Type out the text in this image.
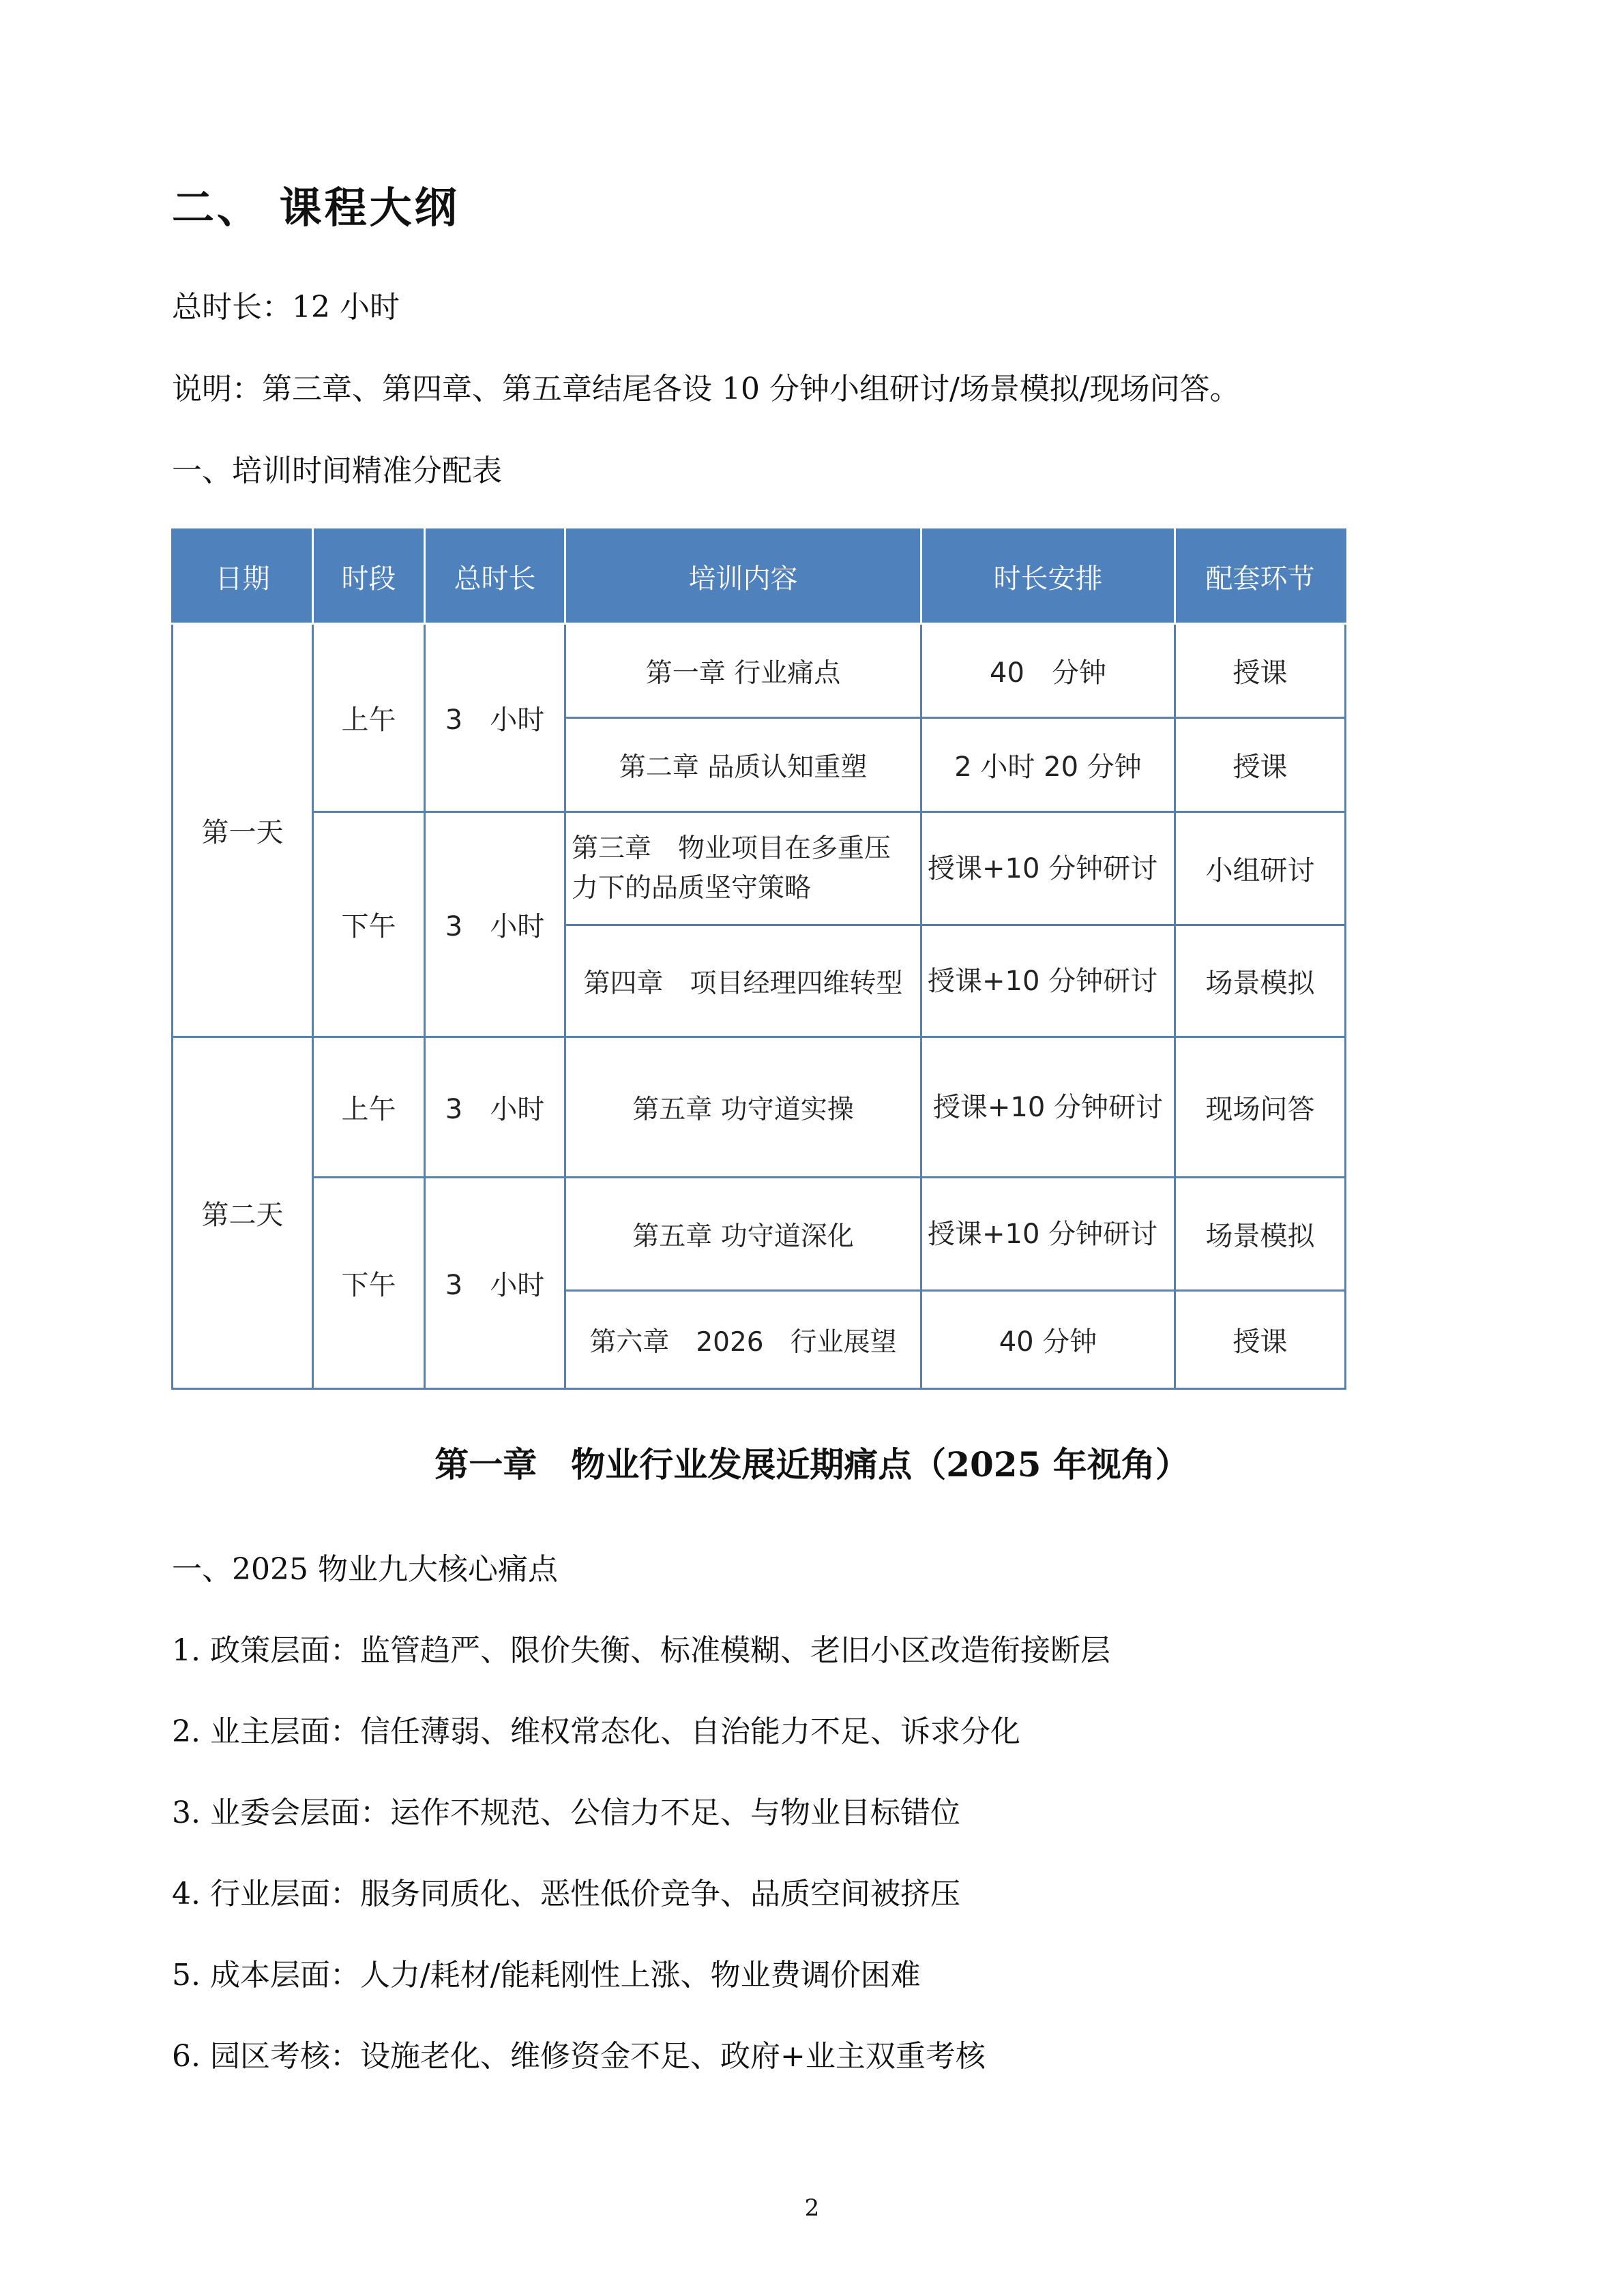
二、 课程大纲
总时长：12 小时
说明：第三章、第四章、第五章结尾各设 10 分钟小组研讨/场景模拟/现场问答。
一、培训时间精准分配表
日期	时段	总时长	培训内容	时长安排	配套环节
第一天	上午	3　小时	第一章 行业痛点	40　分钟	授课
			第二章 品质认知重塑	2 小时 20 分钟	授课
	下午	3　小时	第三章　物业项目在多重压力下的品质坚守策略	授课+10 分钟研讨	小组研讨
			第四章　项目经理四维转型	授课+10 分钟研讨	场景模拟
第二天	上午	3　小时	第五章 功守道实操	授课+10 分钟研讨	现场问答
	下午	3　小时	第五章 功守道深化	授课+10 分钟研讨	场景模拟
			第六章　2026　行业展望	40 分钟	授课
第一章　物业行业发展近期痛点（2025 年视角）
一、2025 物业九大核心痛点
1. 政策层面：监管趋严、限价失衡、标准模糊、老旧小区改造衔接断层
2. 业主层面：信任薄弱、维权常态化、自治能力不足、诉求分化
3. 业委会层面：运作不规范、公信力不足、与物业目标错位
4. 行业层面：服务同质化、恶性低价竞争、品质空间被挤压
5. 成本层面：人力/耗材/能耗刚性上涨、物业费调价困难
6. 园区考核：设施老化、维修资金不足、政府+业主双重考核
2
